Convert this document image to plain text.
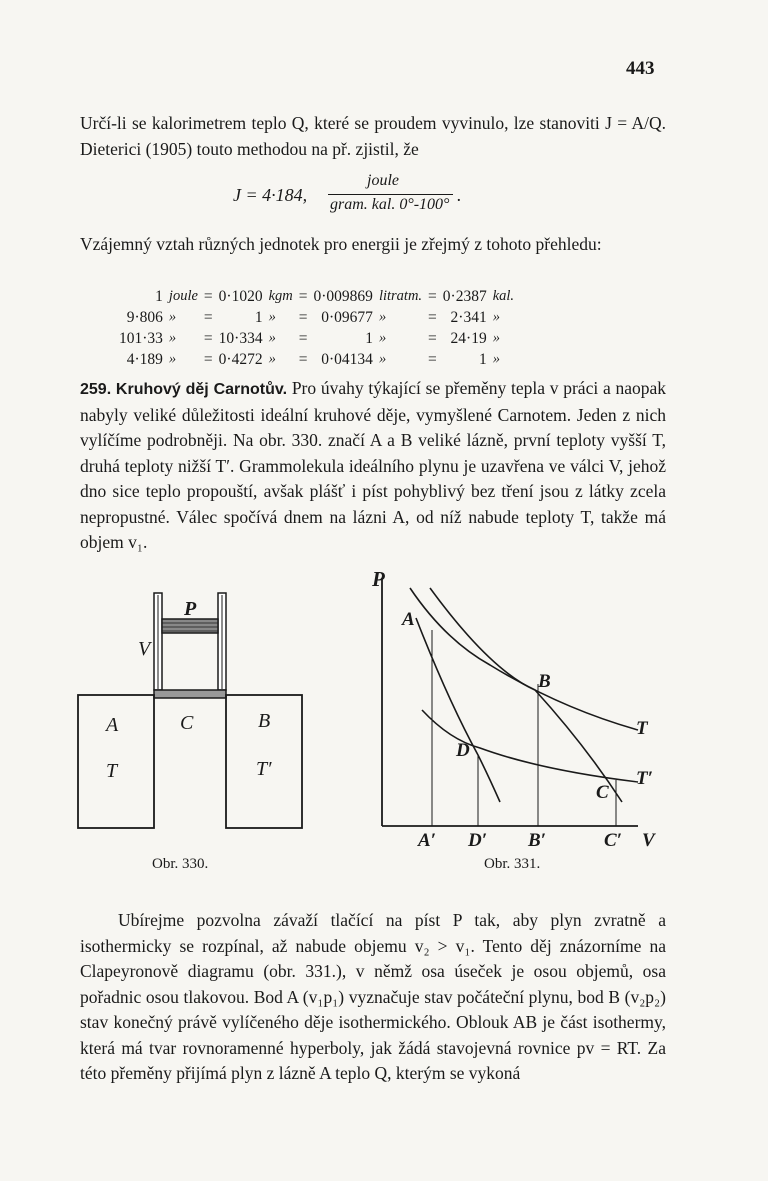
443

Určí-li se kalorimetrem teplo Q, které se proudem vyvinulo, lze stanoviti J = A/Q. Dieterici (1905) touto methodou na př. zjistil, že

J = 4·184,
joule
gram. kal. 0°-100° .

Vzájemný vztah různých jednotek pro energii je zřejmý z tohoto přehledu:

1	joule	=	0·1020	kgm	=	0·009869	litratm.	=	0·2387	kal.
9·806	»	=	1	»	=	0·09677	»	=	2·341	»
101·33	»	=	10·334	»	=	1	»	=	24·19	»
4·189	»	=	0·4272	»	=	0·04134	»	=	1	»

259. Kruhový děj Carnotův. Pro úvahy týkající se přeměny tepla v práci a naopak nabyly veliké důležitosti ideální kruhové děje, vymyšlené Carnotem. Jeden z nich vylíčíme podrobněji. Na obr. 330. značí A a B veliké lázně, první teploty vyšší T, druhá teploty nižší T′. Grammolekula ideálního plynu je uzavřena ve válci V, jehož dno sice teplo propouští, avšak plášť i píst pohyblivý bez tření jsou z látky zcela nepropustné. Válec spočívá dnem na lázni A, od níž nabude teploty T, takže má objem v₁.

P
V
A
T
C	B
T′
Obr. 330.
P
A
B
D
C
T
T′
A′ D′ B′	C′ V
Obr. 331.

Ubírejme pozvolna závaží tlačící na píst P tak, aby plyn zvratně a isothermicky se rozpínal, až nabude objemu v₂ > v₁. Tento děj znázorníme na Clapeyronově diagramu (obr. 331.), v němž osa úseček je osou objemů, osa pořadnic osou tlakovou. Bod A (v₁p₁) vyznačuje stav počáteční plynu, bod B (v₂p₂) stav konečný právě vylíčeného děje isothermického. Oblouk AB je část isothermy, která má tvar rovnoramenné hyperboly, jak žádá stavojevná rovnice pv = RT. Za této přeměny přijímá plyn z lázně A teplo Q, kterým se vykoná
